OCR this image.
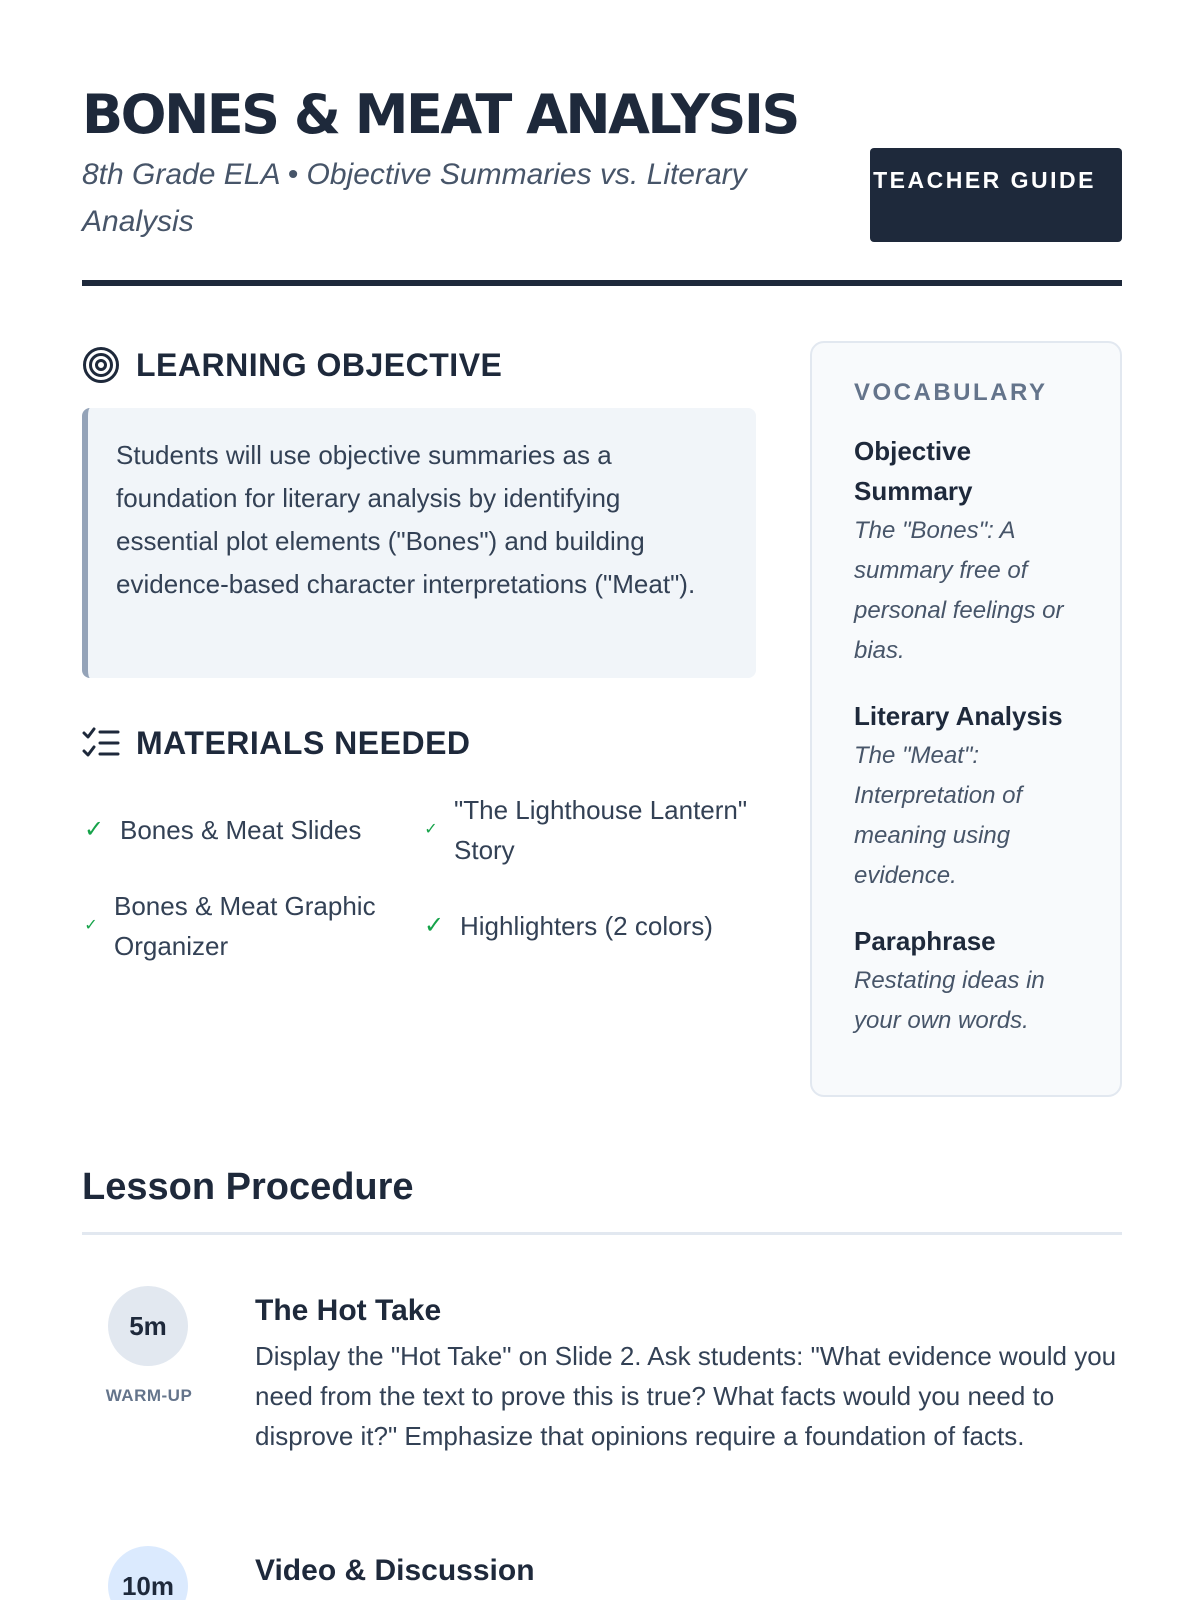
BONES & MEAT ANALYSIS
8th Grade ELA • Objective Summaries vs. Literary Analysis
TEACHER GUIDE
LEARNING OBJECTIVE
Students will use objective summaries as a foundation for literary analysis by identifying essential plot elements ("Bones") and building evidence-based character interpretations ("Meat").
MATERIALS NEEDED
✓ Bones & Meat Slides	✓
"The Lighthouse Lantern" Story
✓
Bones & Meat Graphic Organizer
✓ Highlighters (2 colors)
VOCABULARY
Objective Summary
The "Bones": A summary free of personal feelings or bias.
Literary Analysis
The "Meat": Interpretation of meaning using evidence.
Paraphrase
Restating ideas in your own words.
Lesson Procedure
5m
WARM-UP
The Hot Take
Display the "Hot Take" on Slide 2. Ask students: "What evidence would you need from the text to prove this is true? What facts would you need to disprove it?" Emphasize that opinions require a foundation of facts.
10m	Video & Discussion
